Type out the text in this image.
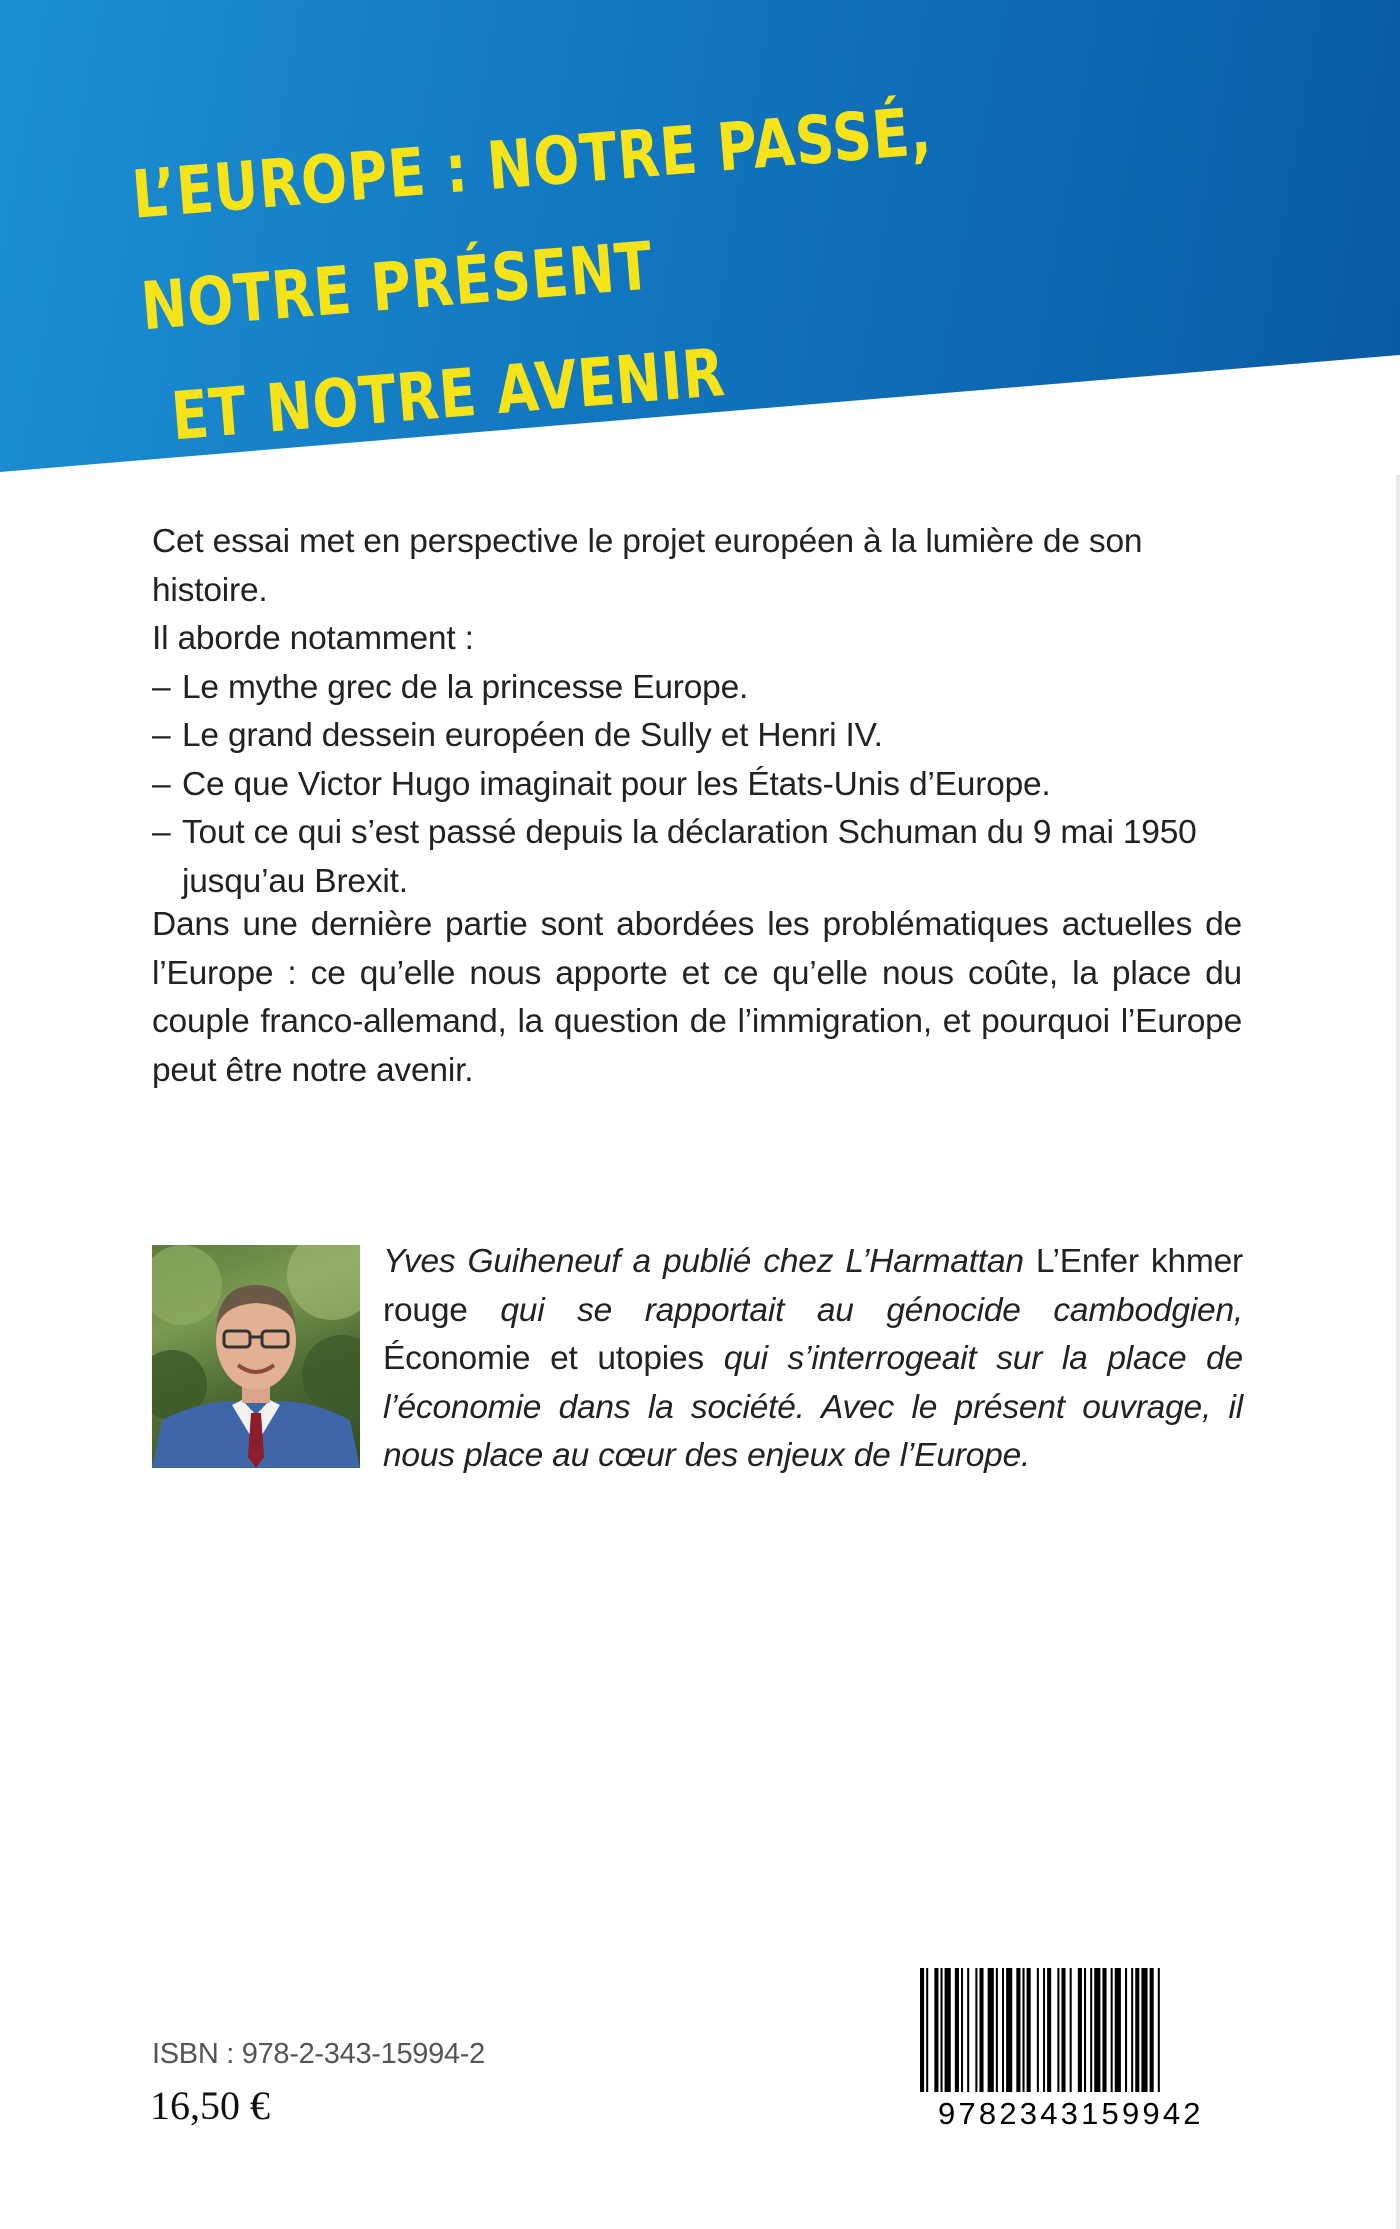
L’EUROPE : NOTRE PASSÉ, NOTRE PRÉSENT
ET NOTRE AVENIR

Cet essai met en perspective le projet européen à la lumière de son histoire.

Il aborde notamment :

– Le mythe grec de la princesse Europe.
– Le grand dessein européen de Sully et Henri IV.
– Ce que Victor Hugo imaginait pour les États-Unis d’Europe.
– Tout ce qui s’est passé depuis la déclaration Schuman du 9 mai 1950 jusqu’au Brexit.

Dans une dernière partie sont abordées les problématiques actuelles de l’Europe : ce qu’elle nous apporte et ce qu’elle nous coûte, la place du couple franco-allemand, la question de l’immigration, et pourquoi l’Europe peut être notre avenir.

Yves Guiheneuf a publié chez L’Harmattan L’Enfer khmer rouge qui se rapportait au génocide cambodgien, Économie et utopies qui s’interrogeait sur la place de l’économie dans la société. Avec le présent ouvrage, il nous place au cœur des enjeux de l’Europe.

ISBN : 978-2-343-15994-2

16,50 €	9782343159942
